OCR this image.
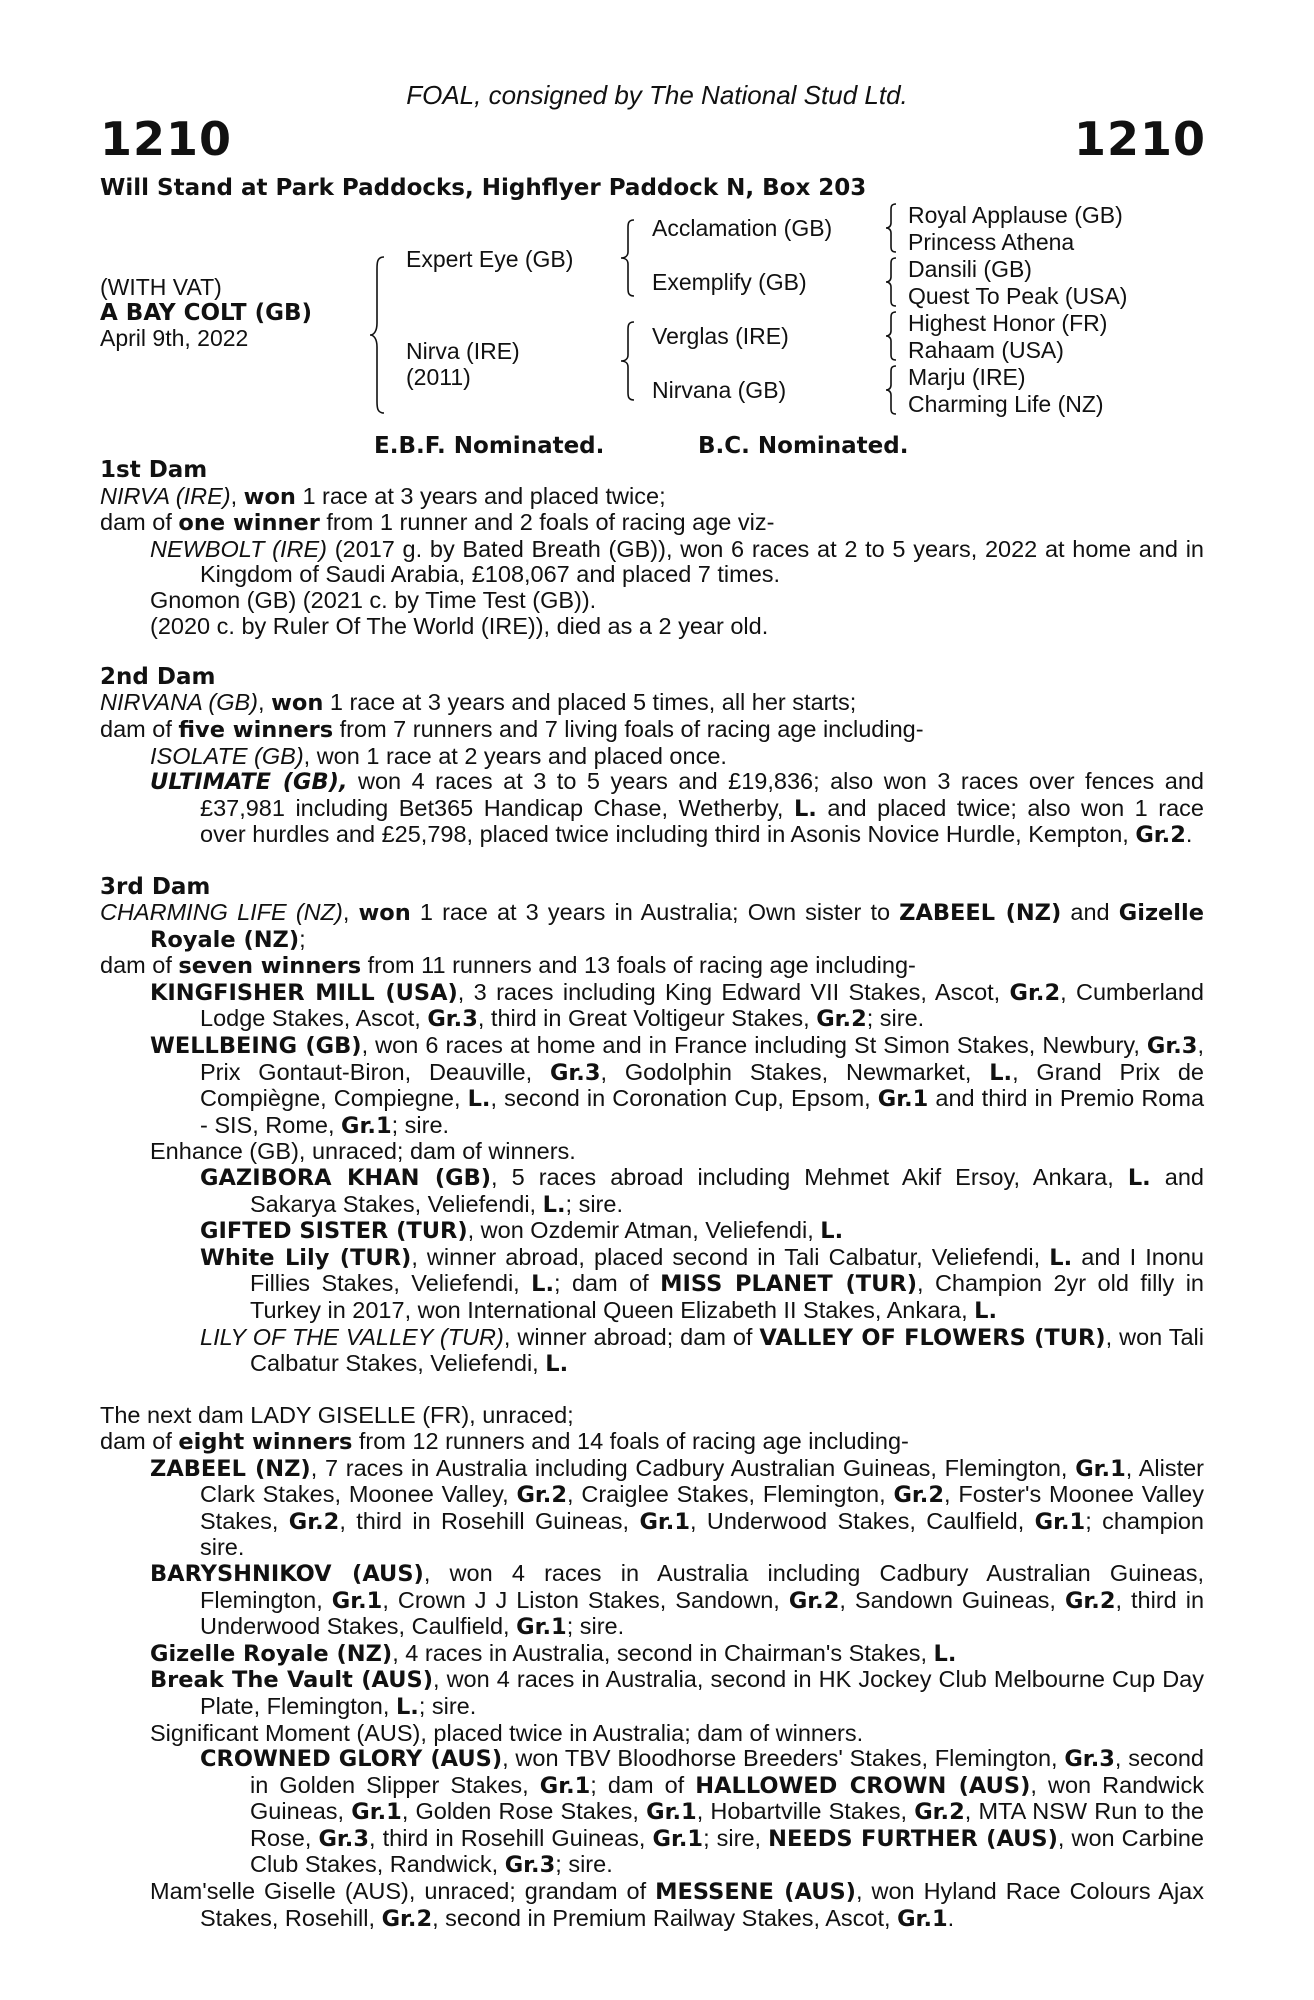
FOAL, consigned by The National Stud Ltd.
1210	1210
Will Stand at Park Paddocks, Highflyer Paddock N, Box 203
(WITH VAT)
A BAY COLT (GB)
April 9th, 2022
Expert Eye (GB)
Nirva (IRE)
(2011)
Acclamation (GB)
Exemplify (GB)
Verglas (IRE)
Nirvana (GB)
Royal Applause (GB)
Princess Athena
Dansili (GB)
Quest To Peak (USA)
Highest Honor (FR)
Rahaam (USA)
Marju (IRE)
Charming Life (NZ)
E.B.F. Nominated.	B.C. Nominated.
1st Dam

NIRVA (IRE), won 1 race at 3 years and placed twice;

dam of one winner from 1 runner and 2 foals of racing age viz-

NEWBOLT (IRE) (2017 g. by Bated Breath (GB)), won 6 races at 2 to 5 years, 2022 at home and in Kingdom of Saudi Arabia, £108,067 and placed 7 times.

Gnomon (GB) (2021 c. by Time Test (GB)).

(2020 c. by Ruler Of The World (IRE)), died as a 2 year old.

2nd Dam

NIRVANA (GB), won 1 race at 3 years and placed 5 times, all her starts;

dam of five winners from 7 runners and 7 living foals of racing age including-

ISOLATE (GB), won 1 race at 2 years and placed once.

ULTIMATE (GB), won 4 races at 3 to 5 years and £19,836; also won 3 races over fences and £37,981 including Bet365 Handicap Chase, Wetherby, L. and placed twice; also won 1 race over hurdles and £25,798, placed twice including third in Asonis Novice Hurdle, Kempton, Gr.2.

3rd Dam

CHARMING LIFE (NZ), won 1 race at 3 years in Australia; Own sister to ZABEEL (NZ) and Gizelle Royale (NZ);

dam of seven winners from 11 runners and 13 foals of racing age including-

KINGFISHER MILL (USA), 3 races including King Edward VII Stakes, Ascot, Gr.2, Cumberland Lodge Stakes, Ascot, Gr.3, third in Great Voltigeur Stakes, Gr.2; sire.

WELLBEING (GB), won 6 races at home and in France including St Simon Stakes, Newbury, Gr.3, Prix Gontaut-Biron, Deauville, Gr.3, Godolphin Stakes, Newmarket, L., Grand Prix de Compiègne, Compiegne, L., second in Coronation Cup, Epsom, Gr.1 and third in Premio Roma - SIS, Rome, Gr.1; sire.

Enhance (GB), unraced; dam of winners.

GAZIBORA KHAN (GB), 5 races abroad including Mehmet Akif Ersoy, Ankara, L. and Sakarya Stakes, Veliefendi, L.; sire.

GIFTED SISTER (TUR), won Ozdemir Atman, Veliefendi, L.

White Lily (TUR), winner abroad, placed second in Tali Calbatur, Veliefendi, L. and I Inonu Fillies Stakes, Veliefendi, L.; dam of MISS PLANET (TUR), Champion 2yr old filly in Turkey in 2017, won International Queen Elizabeth II Stakes, Ankara, L.

LILY OF THE VALLEY (TUR), winner abroad; dam of VALLEY OF FLOWERS (TUR), won Tali Calbatur Stakes, Veliefendi, L.

The next dam LADY GISELLE (FR), unraced;

dam of eight winners from 12 runners and 14 foals of racing age including-

ZABEEL (NZ), 7 races in Australia including Cadbury Australian Guineas, Flemington, Gr.1, Alister Clark Stakes, Moonee Valley, Gr.2, Craiglee Stakes, Flemington, Gr.2, Foster's Moonee Valley Stakes, Gr.2, third in Rosehill Guineas, Gr.1, Underwood Stakes, Caulfield, Gr.1; champion sire.

BARYSHNIKOV (AUS), won 4 races in Australia including Cadbury Australian Guineas, Flemington, Gr.1, Crown J J Liston Stakes, Sandown, Gr.2, Sandown Guineas, Gr.2, third in Underwood Stakes, Caulfield, Gr.1; sire.

Gizelle Royale (NZ), 4 races in Australia, second in Chairman's Stakes, L.

Break The Vault (AUS), won 4 races in Australia, second in HK Jockey Club Melbourne Cup Day Plate, Flemington, L.; sire.

Significant Moment (AUS), placed twice in Australia; dam of winners.

CROWNED GLORY (AUS), won TBV Bloodhorse Breeders' Stakes, Flemington, Gr.3, second in Golden Slipper Stakes, Gr.1; dam of HALLOWED CROWN (AUS), won Randwick Guineas, Gr.1, Golden Rose Stakes, Gr.1, Hobartville Stakes, Gr.2, MTA NSW Run to the Rose, Gr.3, third in Rosehill Guineas, Gr.1; sire, NEEDS FURTHER (AUS), won Carbine Club Stakes, Randwick, Gr.3; sire.

Mam'selle Giselle (AUS), unraced; grandam of MESSENE (AUS), won Hyland Race Colours Ajax Stakes, Rosehill, Gr.2, second in Premium Railway Stakes, Ascot, Gr.1.
